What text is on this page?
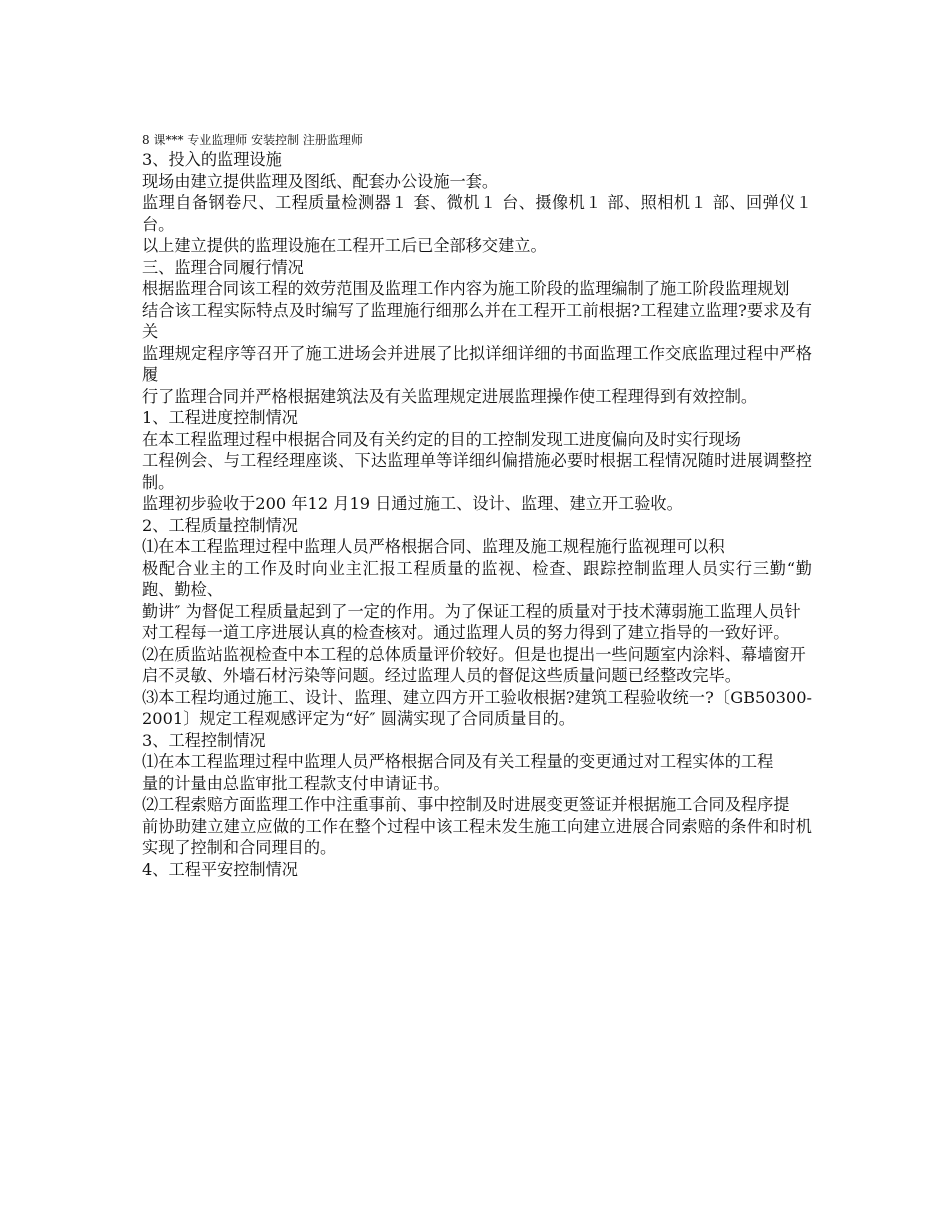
8 课*** 专业监理师 安装控制 注册监理师

3、投入的监理设施

现场由建立提供监理及图纸、配套办公设施一套。

监理自备钢卷尺、工程质量检测器１ 套、微机１ 台、摄像机１ 部、照相机１ 部、回弹仪１ 台。

以上建立提供的监理设施在工程开工后已全部移交建立。

三、监理合同履行情况

根据监理合同该工程的效劳范围及监理工作内容为施工阶段的监理编制了施工阶段监理规划

结合该工程实际特点及时编写了监理施行细那么并在工程开工前根据?工程建立监理?要求及有关

监理规定程序等召开了施工进场会并进展了比拟详细详细的书面监理工作交底监理过程中严格履

行了监理合同并严格根据建筑法及有关监理规定进展监理操作使工程理得到有效控制。

1、工程进度控制情况

在本工程监理过程中根据合同及有关约定的目的工控制发现工进度偏向及时实行现场

工程例会、与工程经理座谈、下达监理单等详细纠偏措施必要时根据工程情况随时进展调整控制。

监理初步验收于200 年12 月19 日通过施工、设计、监理、建立开工验收。

2、工程质量控制情况

⑴在本工程监理过程中监理人员严格根据合同、监理及施工规程施行监视理可以积

极配合业主的工作及时向业主汇报工程质量的监视、检查、跟踪控制监理人员实行三勤“勤跑、勤检、

勤讲″ 为督促工程质量起到了一定的作用。为了保证工程的质量对于技术薄弱施工监理人员针

对工程每一道工序进展认真的检查核对。通过监理人员的努力得到了建立指导的一致好评。

⑵在质监站监视检查中本工程的总体质量评价较好。但是也提出一些问题室内涂料、幕墙窗开

启不灵敏、外墙石材污染等问题。经过监理人员的督促这些质量问题已经整改完毕。

⑶本工程均通过施工、设计、监理、建立四方开工验收根据?建筑工程验收统一?〔GB50300-2001〕规定工程观感评定为“好″ 圆满实现了合同质量目的。

3、工程控制情况

⑴在本工程监理过程中监理人员严格根据合同及有关工程量的变更通过对工程实体的工程

量的计量由总监审批工程款支付申请证书。

⑵工程索赔方面监理工作中注重事前、事中控制及时进展变更签证并根据施工合同及程序提

前协助建立建立应做的工作在整个过程中该工程未发生施工向建立进展合同索赔的条件和时机实现了控制和合同理目的。

4、工程平安控制情况
